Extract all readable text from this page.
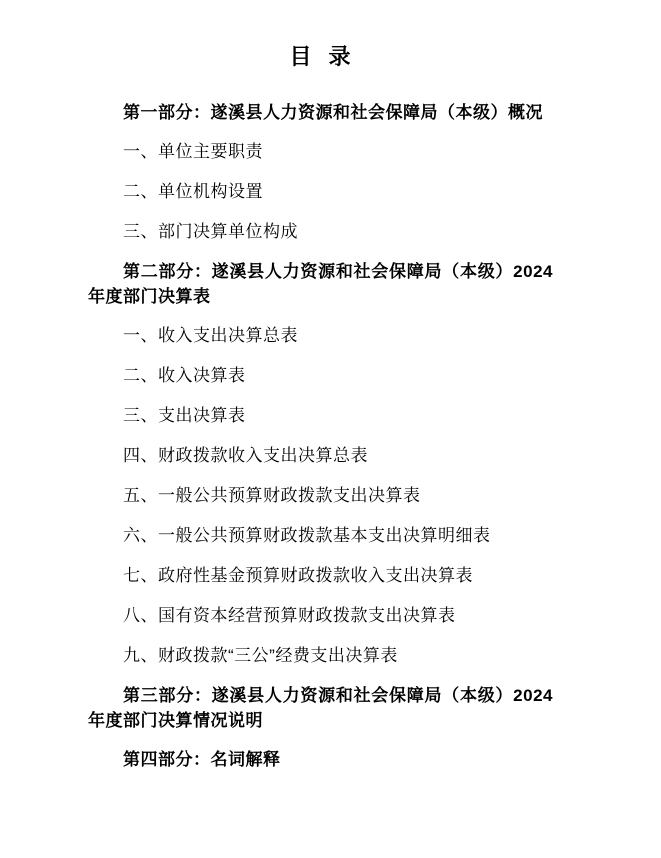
目 录

第一部分：遂溪县人力资源和社会保障局（本级）概况

一、单位主要职责

二、单位机构设置

三、部门决算单位构成

第二部分：遂溪县人力资源和社会保障局（本级）2024年度部门决算表

一、收入支出决算总表

二、收入决算表

三、支出决算表

四、财政拨款收入支出决算总表

五、一般公共预算财政拨款支出决算表

六、一般公共预算财政拨款基本支出决算明细表

七、政府性基金预算财政拨款收入支出决算表

八、国有资本经营预算财政拨款支出决算表

九、财政拨款“三公”经费支出决算表

第三部分：遂溪县人力资源和社会保障局（本级）2024年度部门决算情况说明

第四部分：名词解释
